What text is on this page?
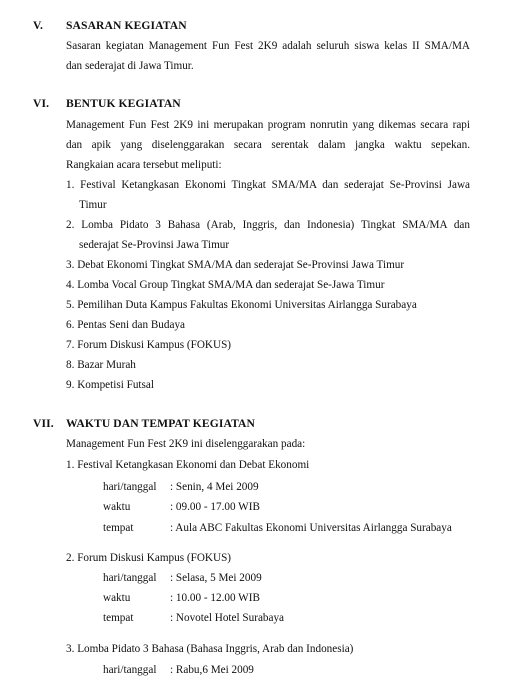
V. SASARAN KEGIATAN
Sasaran kegiatan Management Fun Fest 2K9 adalah seluruh siswa kelas II SMA/MA
dan sederajat di Jawa Timur.
VI. BENTUK KEGIATAN
Management Fun Fest 2K9 ini merupakan program nonrutin yang dikemas secara rapi
dan apik yang diselenggarakan secara serentak dalam jangka waktu sepekan.
Rangkaian acara tersebut meliputi:
1. Festival Ketangkasan Ekonomi Tingkat SMA/MA dan sederajat Se-Provinsi Jawa
Timur
2. Lomba Pidato 3 Bahasa (Arab, Inggris, dan Indonesia) Tingkat SMA/MA dan
sederajat Se-Provinsi Jawa Timur
3. Debat Ekonomi Tingkat SMA/MA dan sederajat Se-Provinsi Jawa Timur
4. Lomba Vocal Group Tingkat SMA/MA dan sederajat Se-Jawa Timur
5. Pemilihan Duta Kampus Fakultas Ekonomi Universitas Airlangga Surabaya
6. Pentas Seni dan Budaya
7. Forum Diskusi Kampus (FOKUS)
8. Bazar Murah
9. Kompetisi Futsal
VII. WAKTU DAN TEMPAT KEGIATAN
Management Fun Fest 2K9 ini diselenggarakan pada:
1. Festival Ketangkasan Ekonomi dan Debat Ekonomi
hari/tanggal : Senin, 4 Mei 2009
waktu	: 09.00 - 17.00 WIB
tempat	: Aula ABC Fakultas Ekonomi Universitas Airlangga Surabaya
2. Forum Diskusi Kampus (FOKUS)
hari/tanggal : Selasa, 5 Mei 2009
waktu	: 10.00 - 12.00 WIB
tempat	: Novotel Hotel Surabaya
3. Lomba Pidato 3 Bahasa (Bahasa Inggris, Arab dan Indonesia)
hari/tanggal : Rabu,6 Mei 2009
